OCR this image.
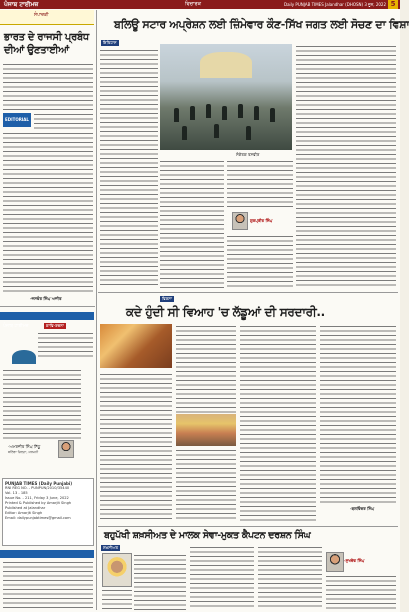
ਪੰਜਾਬ ਟਾਈਮਜ਼	ਵਿਚਾਰਕ	Daily PUNJAB TIMES Jalandhar (DHOSN) 3 ਜੂਨ, 2022 5
ਸੰਪਾਦਕੀ
ਭਾਰਤ ਦੇ ਰਾਜਸੀ ਪ੍ਰਬੰਧ
ਦੀਆਂ ਉਣਤਾਈਆਂ
EDITORIAL
-ਜਸਵੰਤ ਸਿੰਘ ਅਜੀਤ
ਪੰਜਾਬ ਟਾਈਮਜ਼	ਕਾਵਿ-ਰਚਨਾ
-ਅਮਰਜੀਤ ਸਿੰਘ ਸਿੱਧੂ
ਬਠਿੰਡਾ ਜ਼ਿਲ੍ਹਾ, ਜਰਮਨੀ
PUNJAB TIMES (Daily Punjabi)
RNI REG NO. - PUNPUN/2010/35440
Vol. 13 - 185
Issue No. - 211, Friday 3 June, 2022
Printed & Published by Amarjit Singh
Published at Jalandhar
Editor: Amarjit Singh
Email: dailypunjabtimes@gmail.com
ਬਲਿਊ ਸਟਾਰ ਅਪ੍ਰੇਸ਼ਨ ਲਈ ਜ਼ਿੰਮੇਵਾਰ ਕੌਣ-ਸਿੱਖ ਜਗਤ ਲਈ ਸੋਚਣ ਦਾ ਵਿਸ਼ਾ
ਇਤਿਹਾਸ
ਸੰਕੇਤਕ ਤਸਵੀਰ
ਗੁਰਪ੍ਰੀਤ ਸਿੰਘ
ਵਿਰਸਾ
ਕਦੇ ਹੁੰਦੀ ਸੀ ਵਿਆਹ 'ਚ ਲੱਡੂਆਂ ਦੀ ਸਰਦਾਰੀ..
-ਬਲਵਿੰਦਰ ਸਿੰਘ
ਬਹੁਪੱਖੀ ਸ਼ਖ਼ਸੀਅਤ ਦੇ ਮਾਲਕ ਸੇਵਾ-ਮੁਕਤ ਕੈਪਟਨ ਦਰਸ਼ਨ ਸਿੰਘ
ਸ਼ਖ਼ਸੀਅਤ
-ਸੁਖਦੇਵ ਸਿੰਘ
